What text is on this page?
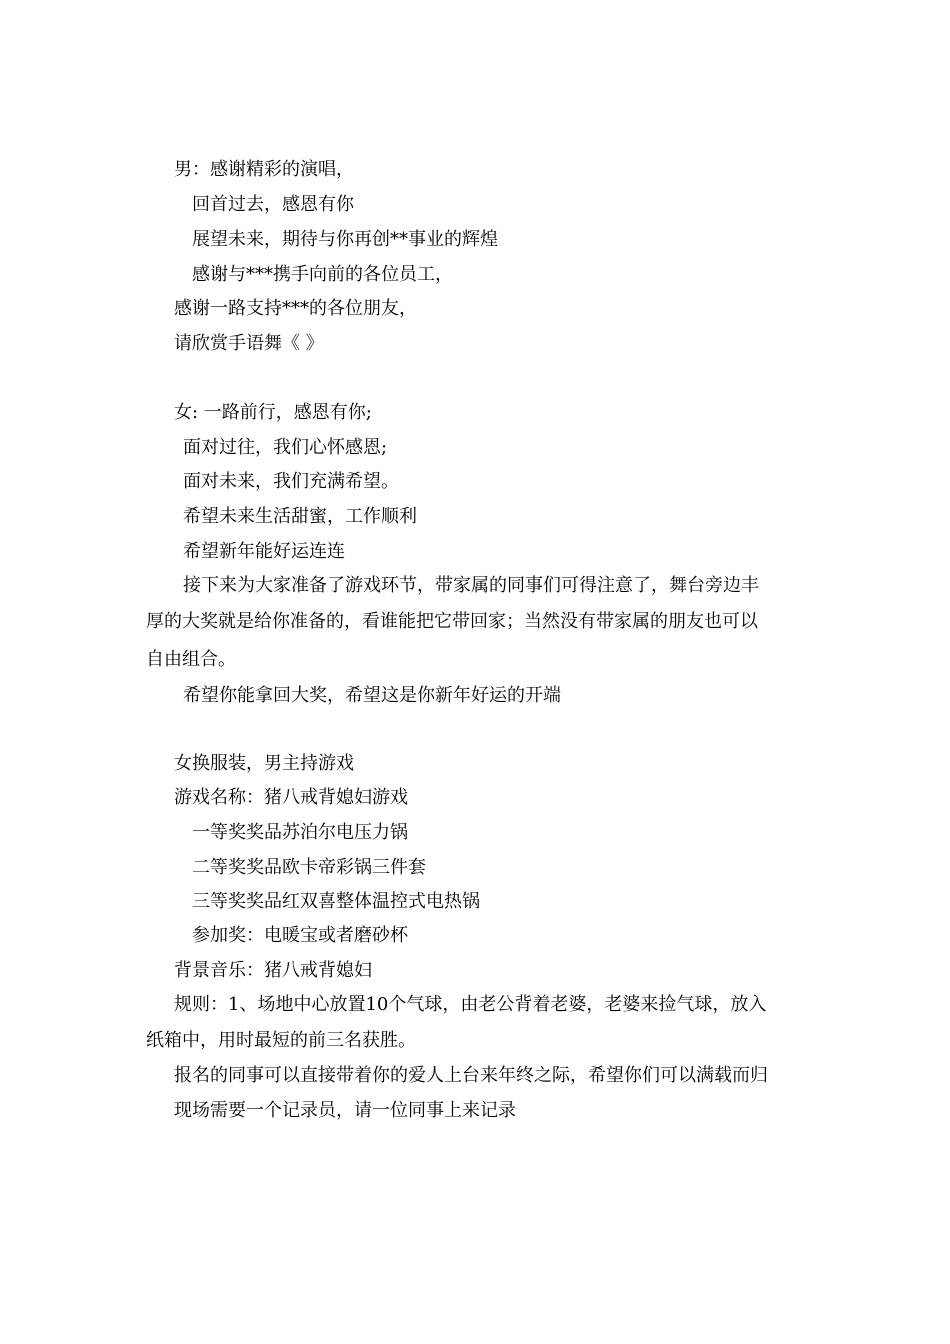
男：感谢精彩的演唱，
回首过去，感恩有你
展望未来，期待与你再创**事业的辉煌
感谢与***携手向前的各位员工，
感谢一路支持***的各位朋友，
请欣赏手语舞《 》
女: 一路前行，感恩有你;
面对过往，我们心怀感恩;
面对未来，我们充满希望。
希望未来生活甜蜜，工作顺利
希望新年能好运连连
接下来为大家准备了游戏环节，带家属的同事们可得注意了，舞台旁边丰
厚的大奖就是给你准备的，看谁能把它带回家；当然没有带家属的朋友也可以
自由组合。
希望你能拿回大奖，希望这是你新年好运的开端
女换服装，男主持游戏
游戏名称：猪八戒背媳妇游戏
一等奖奖品苏泊尔电压力锅
二等奖奖品欧卡帝彩锅三件套
三等奖奖品红双喜整体温控式电热锅
参加奖：电暖宝或者磨砂杯
背景音乐：猪八戒背媳妇
规则：1、场地中心放置10个气球，由老公背着老婆，老婆来捡气球，放入
纸箱中，用时最短的前三名获胜。
报名的同事可以直接带着你的爱人上台来年终之际，希望你们可以满载而归
现场需要一个记录员，请一位同事上来记录
